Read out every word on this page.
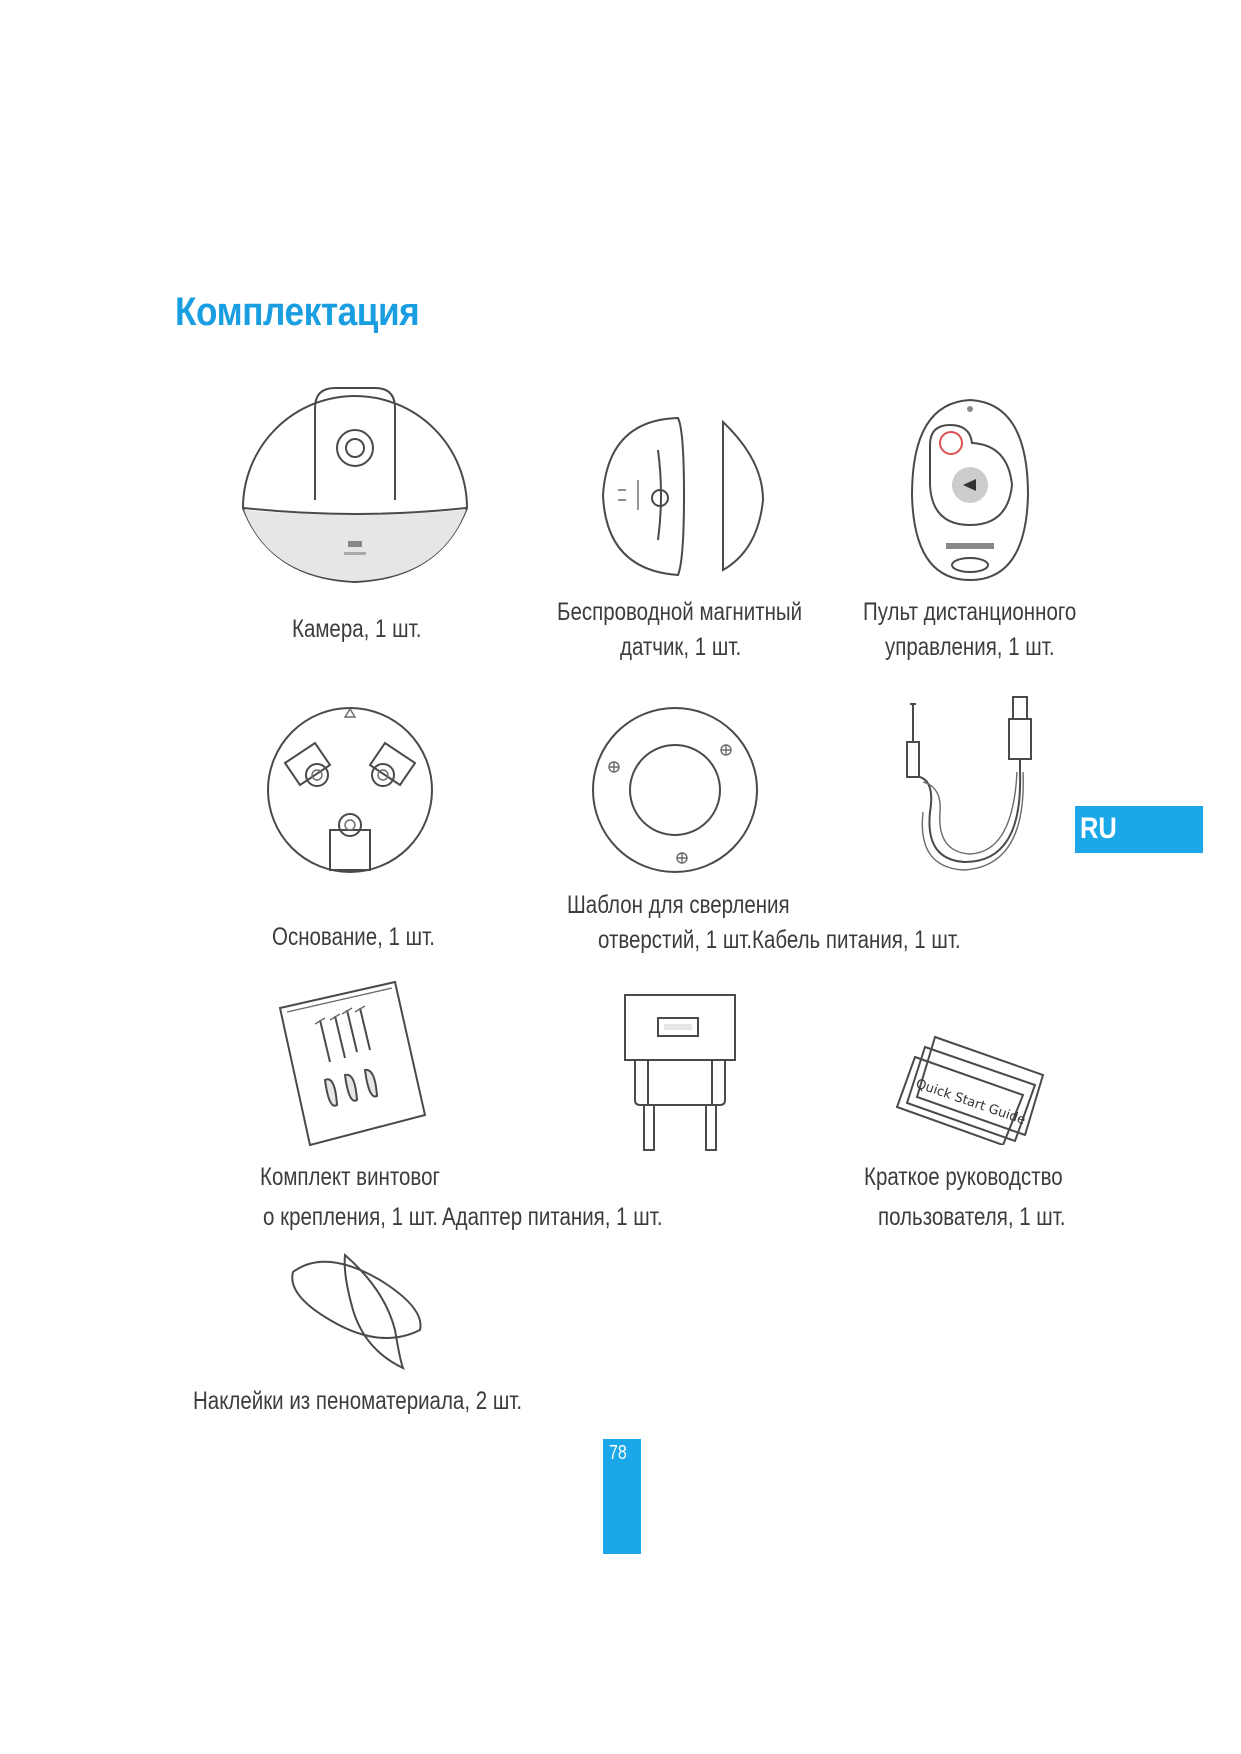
Комплектация
Камера, 1 шт.
Беспроводной магнитный
датчик, 1 шт.
Пульт дистанционного
управления, 1 шт.
Основание, 1 шт.
Шаблон для сверления
отверстий, 1 шт. Кабель питания, 1 шт.
RU
Комплект винтовог
о крепления, 1 шт. Адаптер питания, 1 шт.
Quick Start Guide
Краткое руководство
пользователя, 1 шт.
Наклейки из пеноматериала, 2 шт.
78
